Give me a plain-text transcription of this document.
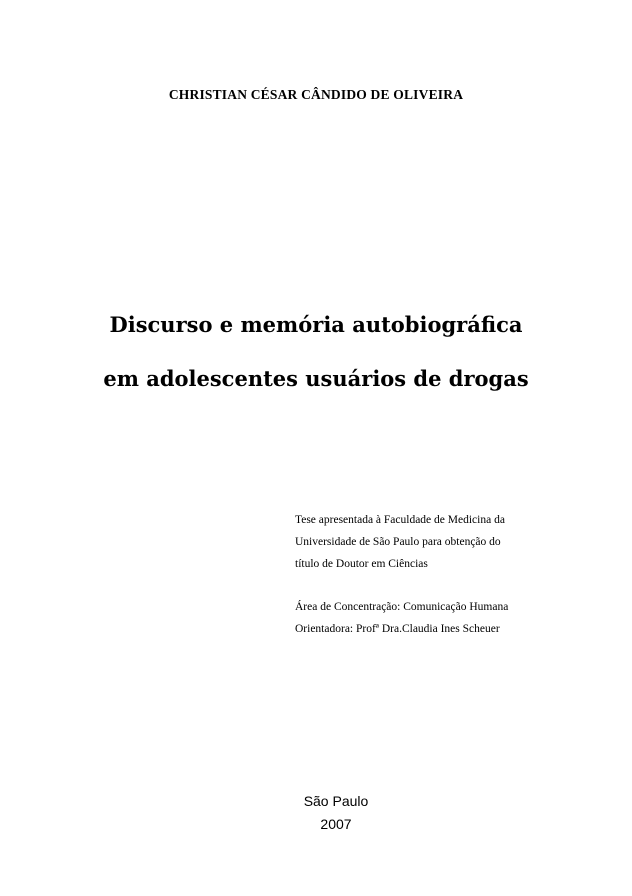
CHRISTIAN CÉSAR CÂNDIDO DE OLIVEIRA
Discurso e memória autobiográfica
em adolescentes usuários de drogas
Tese apresentada à Faculdade de Medicina da
Universidade de São Paulo para obtenção do
título de Doutor em Ciências
Área de Concentração: Comunicação Humana
Orientadora: Profª Dra.Claudia Ines Scheuer
São Paulo
2007
